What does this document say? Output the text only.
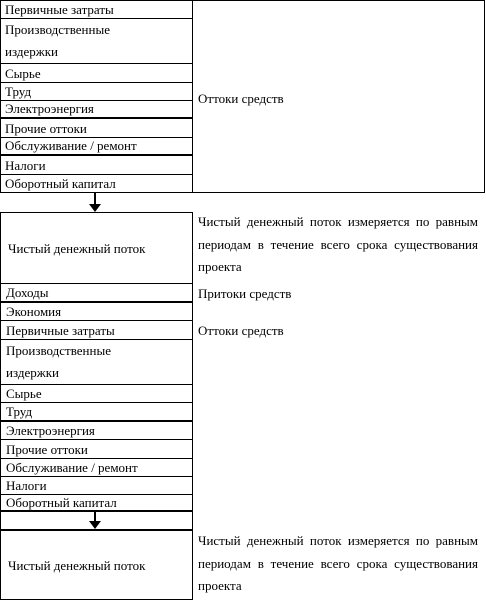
Первичные затраты
Производственные издержки
Сырье
Труд
Электроэнергия
Прочие оттоки
Обслуживание / ремонт
Налоги
Оборотный капитал
Оттоки средств
Чистый денежный поток
Чистый денежный поток измеряется по равным периодам в течение всего срока существования проекта
Доходы	Притоки средств
Экономия
Первичные затраты
Производственные издержки
Сырье
Труд
Электроэнергия
Прочие оттоки
Обслуживание / ремонт
Налоги
Оборотный капитал
Оттоки средств
Чистый денежный поток
Чистый денежный поток измеряется по равным периодам в течение всего срока существования проекта
